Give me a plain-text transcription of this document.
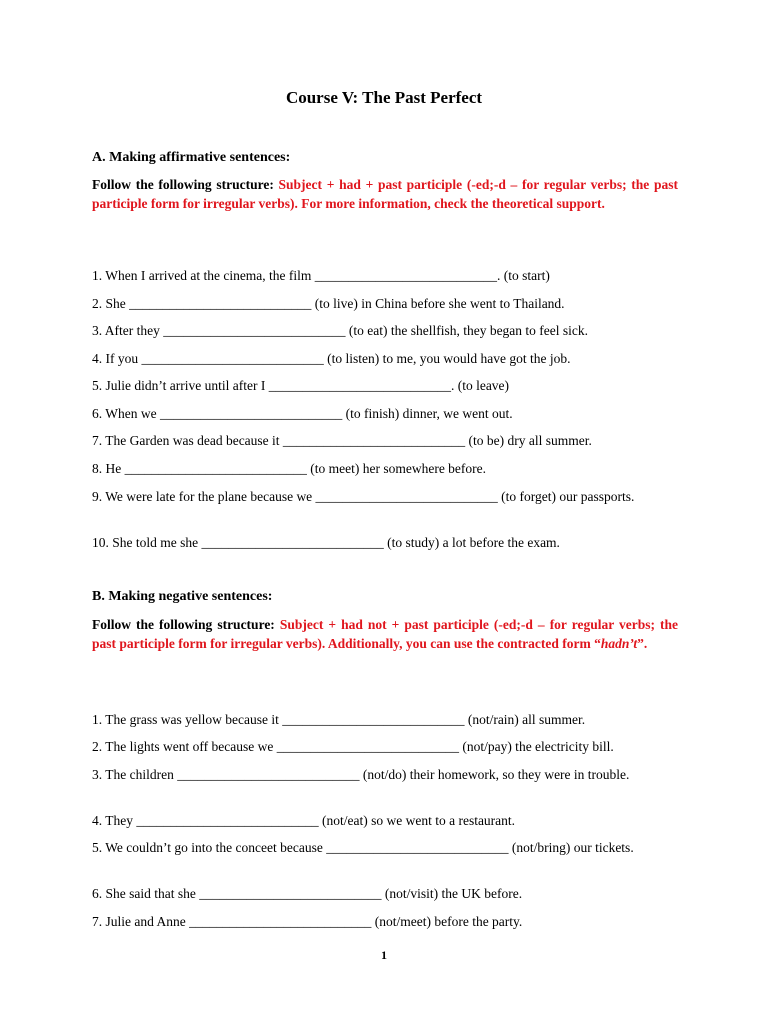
Course V: The Past Perfect
A. Making affirmative sentences:
Follow the following structure: Subject + had + past participle (-ed;-d – for regular verbs; the past participle form for irregular verbs). For more information, check the theoretical support.
1. When I arrived at the cinema, the film ___________________________. (to start)
2. She ___________________________ (to live) in China before she went to Thailand.
3. After they ___________________________ (to eat) the shellfish, they began to feel sick.
4. If you ___________________________ (to listen) to me, you would have got the job.
5. Julie didn’t arrive until after I ___________________________. (to leave)
6. When we ___________________________ (to finish) dinner, we went out.
7. The Garden was dead because it ___________________________ (to be) dry all summer.
8. He ___________________________ (to meet) her somewhere before.
9. We were late for the plane because we ___________________________ (to forget) our passports.
10. She told me she ___________________________ (to study) a lot before the exam.
B. Making negative sentences:
Follow the following structure: Subject + had not + past participle (-ed;-d – for regular verbs; the past participle form for irregular verbs). Additionally, you can use the contracted form “hadn’t”.
1. The grass was yellow because it ___________________________ (not/rain) all summer.
2. The lights went off because we ___________________________ (not/pay) the electricity bill.
3. The children ___________________________ (not/do) their homework, so they were in trouble.
4. They ___________________________ (not/eat) so we went to a restaurant.
5. We couldn’t go into the conceet because ___________________________ (not/bring) our tickets.
6. She said that she ___________________________ (not/visit) the UK before.
7. Julie and Anne ___________________________ (not/meet) before the party.
1
